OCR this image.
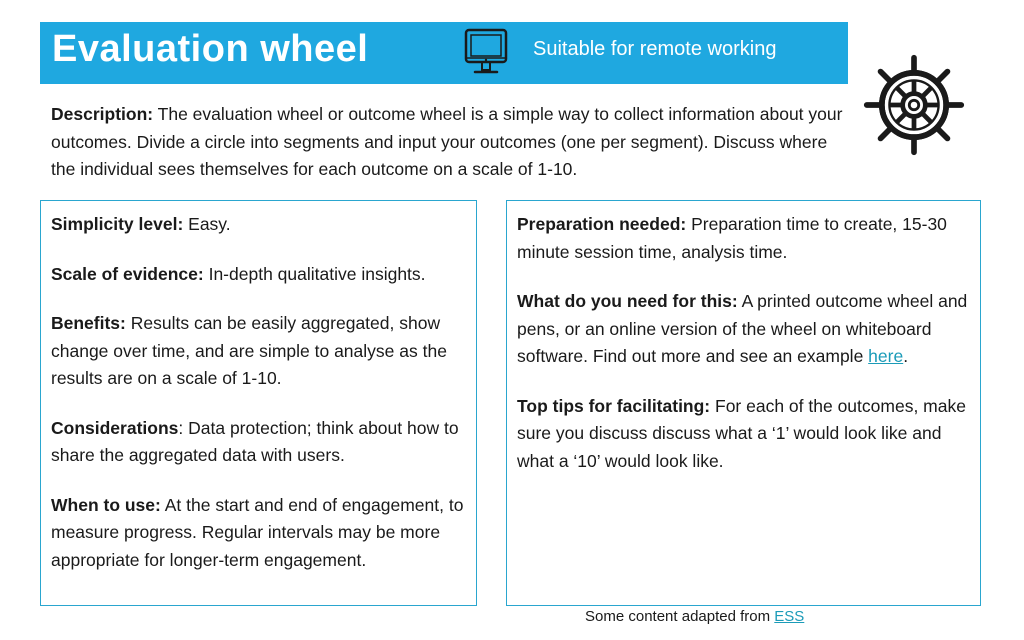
Evaluation wheel	Suitable for remote working
Description: The evaluation wheel or outcome wheel is a simple way to collect information about your outcomes. Divide a circle into segments and input your outcomes (one per segment). Discuss where the individual sees themselves for each outcome on a scale of 1-10.

Simplicity level: Easy.

Scale of evidence: In-depth qualitative insights.

Benefits: Results can be easily aggregated, show change over time, and are simple to analyse as the results are on a scale of 1-10.

Considerations: Data protection; think about how to share the aggregated data with users.

When to use: At the start and end of engagement, to measure progress. Regular intervals may be more appropriate for longer-term engagement.

Preparation needed: Preparation time to create, 15-30 minute session time, analysis time.

What do you need for this: A printed outcome wheel and pens, or an online version of the wheel on whiteboard software. Find out more and see an example here.

Top tips for facilitating: For each of the outcomes, make sure you discuss discuss what a ‘1’ would look like and what a ‘10’ would look like.

Some content adapted from ESS
